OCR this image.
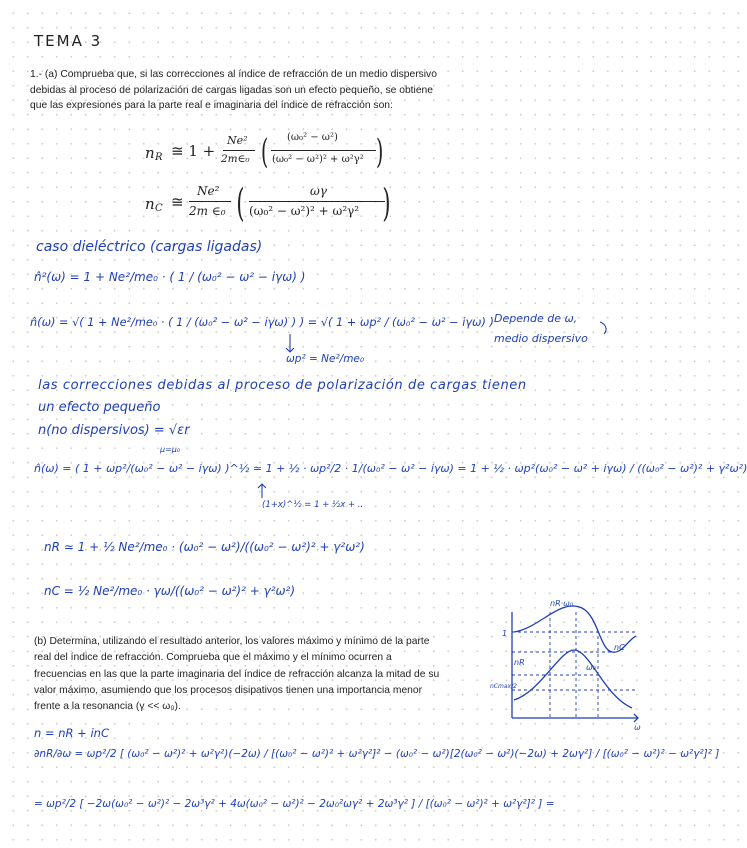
TEMA 3
1.- (a) Comprueba que, si las correcciones al índice de refracción de un medio dispersivo
debidas al proceso de polarización de cargas ligadas son un efecto pequeño, se obtiene
que las expresiones para la parte real e imaginaria del índice de refracción son:
n R ≅ 1 +
Ne²
2m∈₀ ( (ω₀² − ω²)
(ω₀² − ω²)² + ω²γ² )
n C ≅
Ne²
2m ∈₀ (	ωγ
(ω₀² − ω²)² + ω²γ² )
caso dieléctrico (cargas ligadas)
n̂²(ω) = 1 + Ne²/me₀ · ( 1 / (ω₀² − ω² − iγω) )
n̂(ω) = √( 1 + Ne²/me₀ · ( 1 / (ω₀² − ω² − iγω) ) ) = √( 1 + ωp² / (ω₀² − ω² − iγω) ) Depende de ω,
medio dispersivo
ωp² = Ne²/me₀
las correcciones debidas al proceso de polarización de cargas tienen
un efecto pequeño
n(no dispersivos) = √εr
μ=μ₀
n̂(ω) = ( 1 + ωp²/(ω₀² − ω² − iγω) )^½ ≃ 1 + ½ · ωp²/2 · 1/(ω₀² − ω² − iγω) = 1 + ½ · ωp²(ω₀² − ω² + iγω) / ((ω₀² − ω²)² + γ²ω²)
(1+x)^½ = 1 + ½x + ..
nR ≃ 1 + ½ Ne²/me₀ · (ω₀² − ω²)/((ω₀² − ω²)² + γ²ω²)
nC = ½ Ne²/me₀ · γω/((ω₀² − ω²)² + γ²ω²)
(b) Determina, utilizando el resultado anterior, los valores máximo y mínimo de la parte
real del índice de refracción. Comprueba que el máximo y el mínimo ocurren a
frecuencias en las que la parte imaginaria del índice de refracción alcanza la mitad de su
valor máximo, asumiendo que los procesos disipativos tienen una importancia menor
frente a la resonancia (γ << ω₀).
n = nR + inC
∂nR/∂ω = ωp²/2 [ (ω₀² − ω²)² + ω²γ²)(−2ω) / [(ω₀² − ω²)² + ω²γ²]² − (ω₀² − ω²)[2(ω₀² − ω²)(−2ω) + 2ωγ²] / [(ω₀² − ω²)² − ω²γ²]² ]
= ωp²/2 [ −2ω(ω₀² − ω²)² − 2ω³γ² + 4ω(ω₀² − ω²)² − 2ω₀²ωγ² + 2ω³γ² ] / [(ω₀² − ω²)² + ω²γ²]² ] =
nR·ω₀
1
nR
nC
nCmax/2
ω₀
ω
